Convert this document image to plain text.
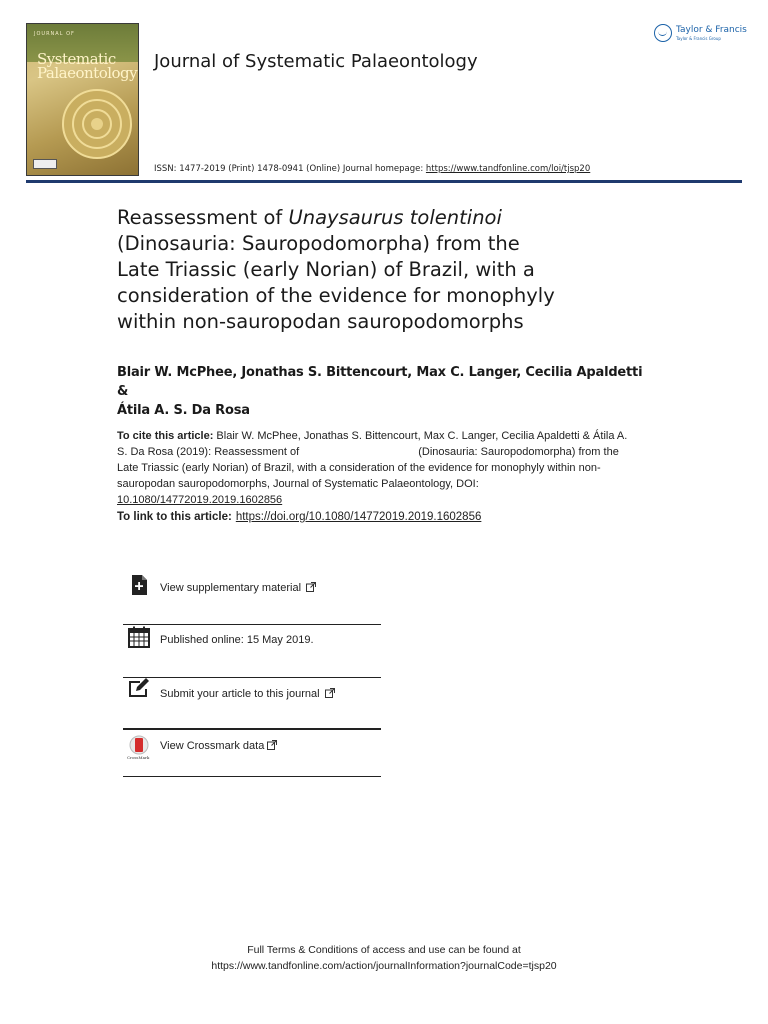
JOURNAL OF
Systematic
Palaeontology
Journal of Systematic Palaeontology
ISSN: 1477-2019 (Print) 1478-0941 (Online) Journal homepage: https://www.tandfonline.com/loi/tjsp20
Taylor & Francis
Taylor & Francis Group
Reassessment of Unaysaurus tolentinoi
(Dinosauria: Sauropodomorpha) from the
Late Triassic (early Norian) of Brazil, with a
consideration of the evidence for monophyly
within non-sauropodan sauropodomorphs
Blair W. McPhee, Jonathas S. Bittencourt, Max C. Langer, Cecilia Apaldetti &
Átila A. S. Da Rosa
To cite this article: Blair W. McPhee, Jonathas S. Bittencourt, Max C. Langer, Cecilia Apaldetti & Átila A. S. Da Rosa (2019): Reassessment of	(Dinosauria: Sauropodomorpha) from the Late Triassic (early Norian) of Brazil, with a consideration of the evidence for monophyly within non-sauropodan sauropodomorphs, Journal of Systematic Palaeontology, DOI: 10.1080/14772019.2019.1602856
To link to this article: https://doi.org/10.1080/14772019.2019.1602856
View supplementary material
Published online: 15 May 2019.
Submit your article to this journal
CrossMark
View Crossmark data
Full Terms & Conditions of access and use can be found at
https://www.tandfonline.com/action/journalInformation?journalCode=tjsp20
